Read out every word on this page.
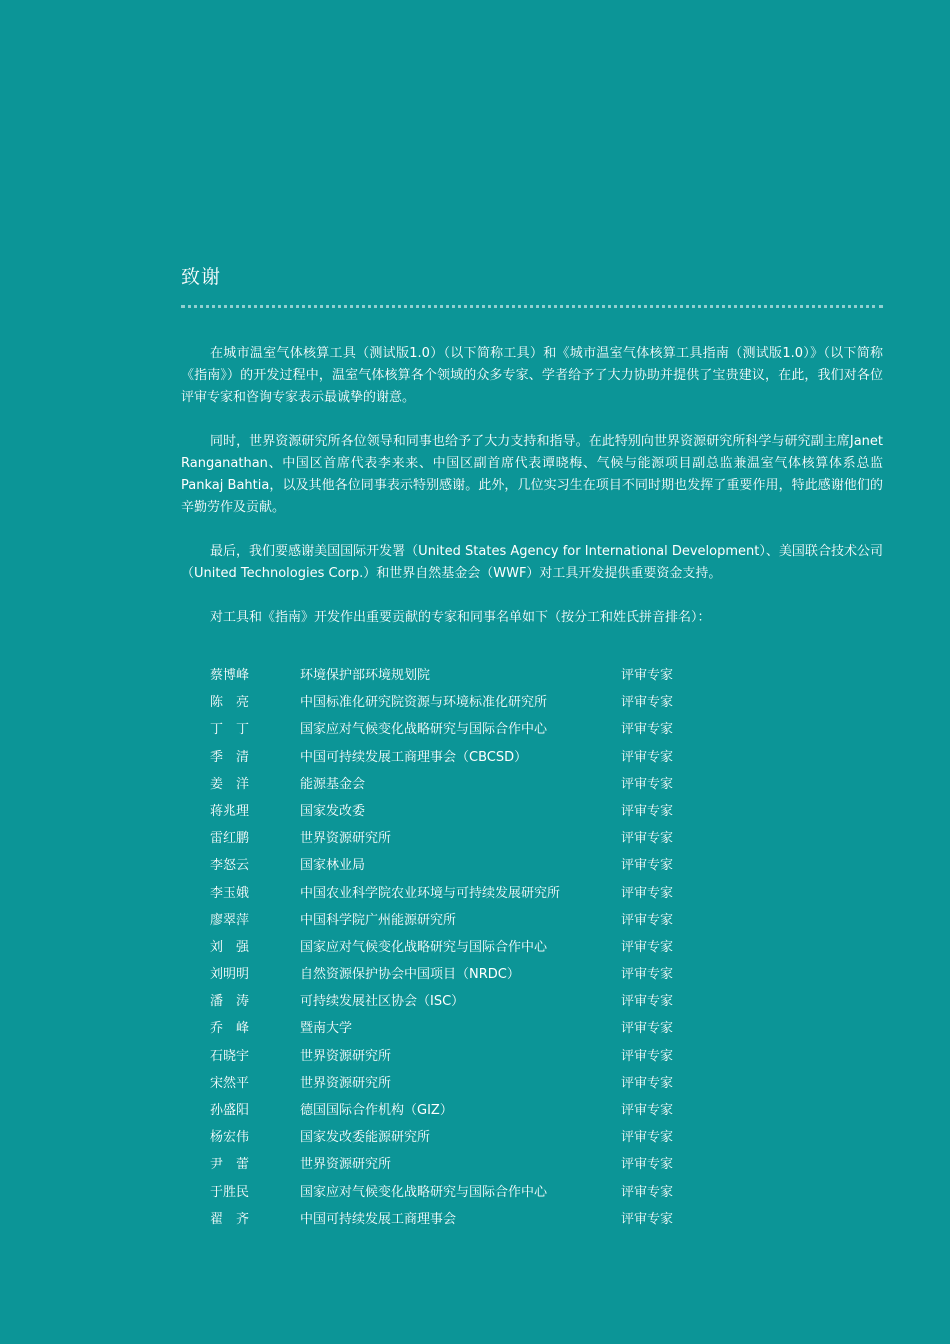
致谢

在城市温室气体核算工具（测试版1.0）（以下简称工具）和《城市温室气体核算工具指南（测试版1.0）》（以下简称《指南》）的开发过程中，温室气体核算各个领域的众多专家、学者给予了大力协助并提供了宝贵建议，在此，我们对各位评审专家和咨询专家表示最诚挚的谢意。

同时，世界资源研究所各位领导和同事也给予了大力支持和指导。在此特别向世界资源研究所科学与研究副主席Janet Ranganathan、中国区首席代表李来来、中国区副首席代表谭晓梅、气候与能源项目副总监兼温室气体核算体系总监Pankaj Bahtia，以及其他各位同事表示特别感谢。此外，几位实习生在项目不同时期也发挥了重要作用，特此感谢他们的辛勤劳作及贡献。

最后，我们要感谢美国国际开发署（United States Agency for International Development）、美国联合技术公司（United Technologies Corp.）和世界自然基金会（WWF）对工具开发提供重要资金支持。

对工具和《指南》开发作出重要贡献的专家和同事名单如下（按分工和姓氏拼音排名）：

蔡博峰	环境保护部环境规划院	评审专家
陈　亮	中国标准化研究院资源与环境标准化研究所	评审专家
丁　丁	国家应对气候变化战略研究与国际合作中心	评审专家
季　清	中国可持续发展工商理事会（CBCSD）	评审专家
姜　洋	能源基金会	评审专家
蒋兆理	国家发改委	评审专家
雷红鹏	世界资源研究所	评审专家
李怒云	国家林业局	评审专家
李玉娥	中国农业科学院农业环境与可持续发展研究所	评审专家
廖翠萍	中国科学院广州能源研究所	评审专家
刘　强	国家应对气候变化战略研究与国际合作中心	评审专家
刘明明	自然资源保护协会中国项目（NRDC）	评审专家
潘　涛	可持续发展社区协会（ISC）	评审专家
乔　峰	暨南大学	评审专家
石晓宇	世界资源研究所	评审专家
宋然平	世界资源研究所	评审专家
孙盛阳	德国国际合作机构（GIZ）	评审专家
杨宏伟	国家发改委能源研究所	评审专家
尹　蕾	世界资源研究所	评审专家
于胜民	国家应对气候变化战略研究与国际合作中心	评审专家
翟　齐	中国可持续发展工商理事会	评审专家
